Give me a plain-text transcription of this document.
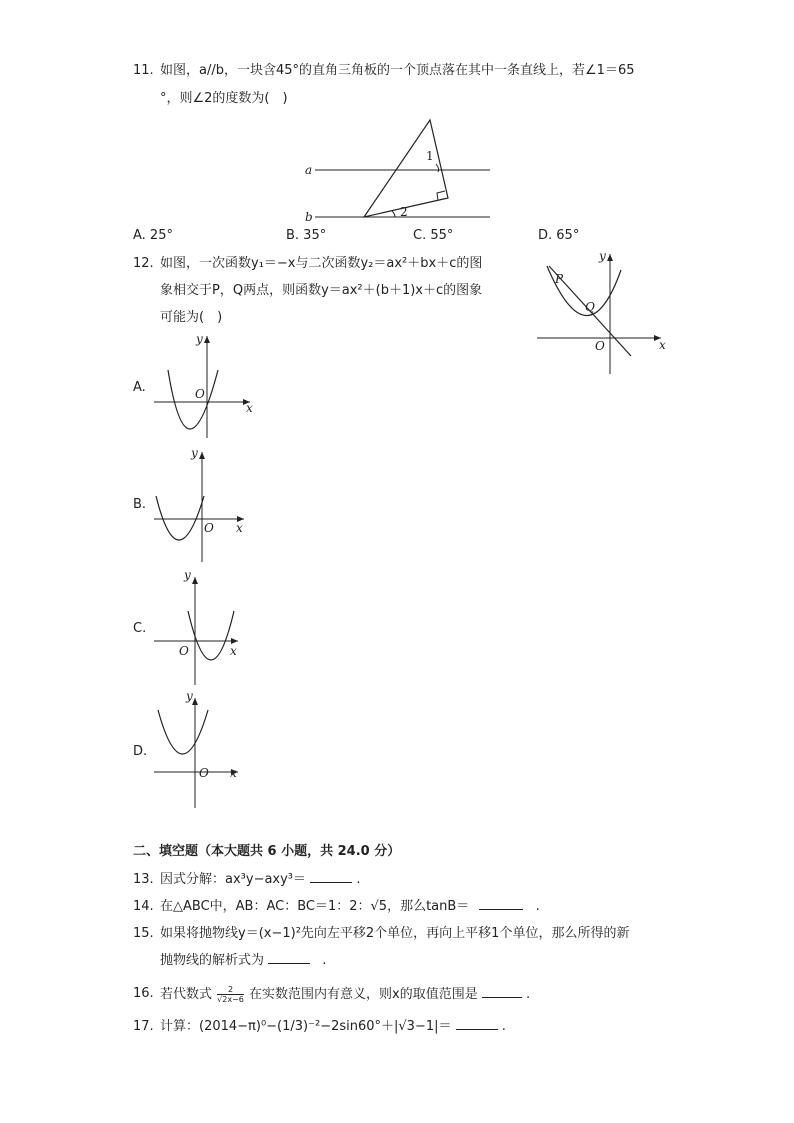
11. 如图，a//b，一块含45°的直角三角板的一个顶点落在其中一条直线上，若∠1＝65
°，则∠2的度数为(　)
a
b
1
2
A. 25°	B. 35°	C. 55°	D. 65°
12. 如图，一次函数y₁＝−x与二次函数y₂＝ax²＋bx＋c的图
象相交于P，Q两点，则函数y＝ax²＋(b＋1)x＋c的图象
可能为(　)
x
y
O
P
Q
A.
x
y
O
B.
x
y
O
C.
x
y
O
D.
x
y
O
二、填空题（本大题共 6 小题，共 24.0 分）
13. 因式分解：ax³y−axy³＝	.
14. 在△ABC中，AB：AC：BC＝1：2：√5，那么tanB＝	.
15. 如果将抛物线y＝(x−1)²先向左平移2个单位，再向上平移1个单位，那么所得的新
抛物线的解析式为	.
16. 若代数式 $\frac{2}{√2x-6}$ 在实数范围内有意义，则x的取值范围是	.
17. 计算：(2014−π)⁰−(1/3)⁻²−2sin60°＋|√3−1|＝	.
